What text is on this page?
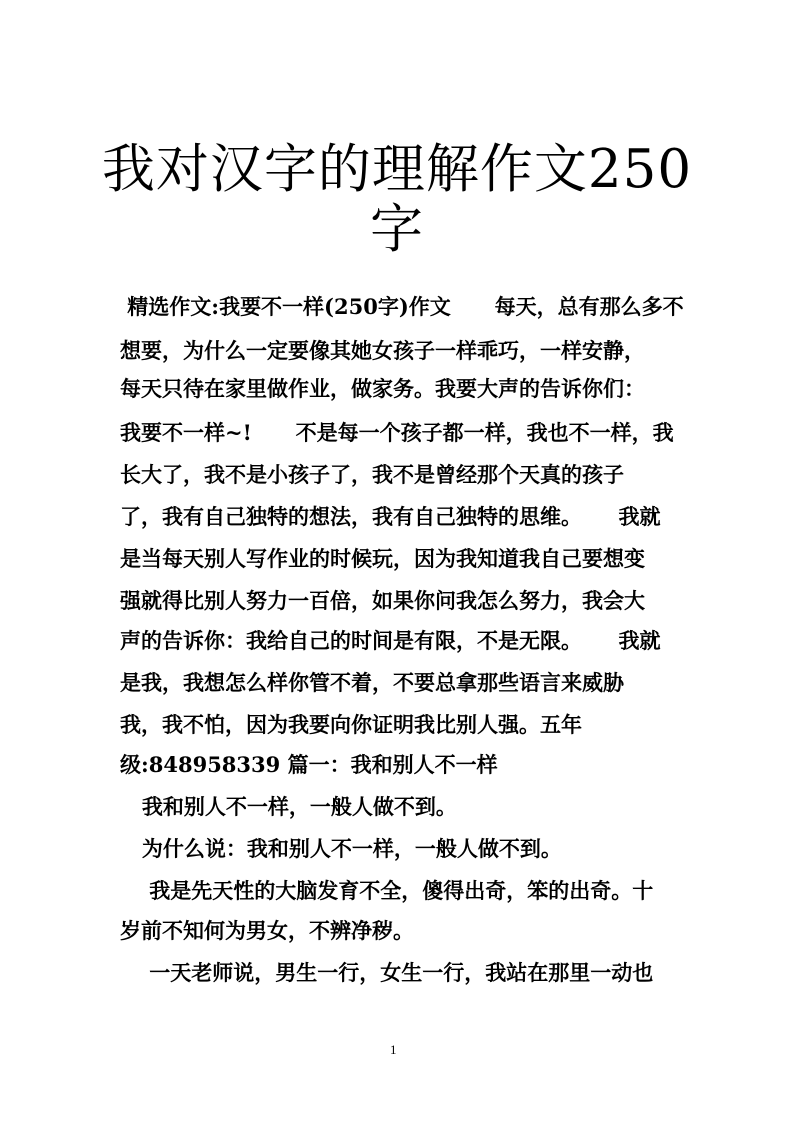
我对汉字的理解作文250
字

精选作文:我要不一样(250字)作文      每天，总有那么多不

想要，为什么一定要像其她女孩子一样乖巧，一样安静，

每天只待在家里做作业，做家务。我要大声的告诉你们：

我要不一样~!      不是每一个孩子都一样，我也不一样，我

长大了，我不是小孩子了，我不是曾经那个天真的孩子

了，我有自己独特的想法，我有自己独特的思维。     我就

是当每天别人写作业的时候玩，因为我知道我自己要想变

强就得比别人努力一百倍，如果你问我怎么努力，我会大

声的告诉你：我给自己的时间是有限，不是无限。     我就

是我，我想怎么样你管不着，不要总拿那些语言来威胁

我，我不怕，因为我要向你证明我比别人强。五年

级:848958339 篇一：我和别人不一样

我和别人不一样，一般人做不到。

为什么说：我和别人不一样，一般人做不到。

我是先天性的大脑发育不全，傻得出奇，笨的出奇。十

岁前不知何为男女，不辨净秽。

一天老师说，男生一行，女生一行，我站在那里一动也

1
